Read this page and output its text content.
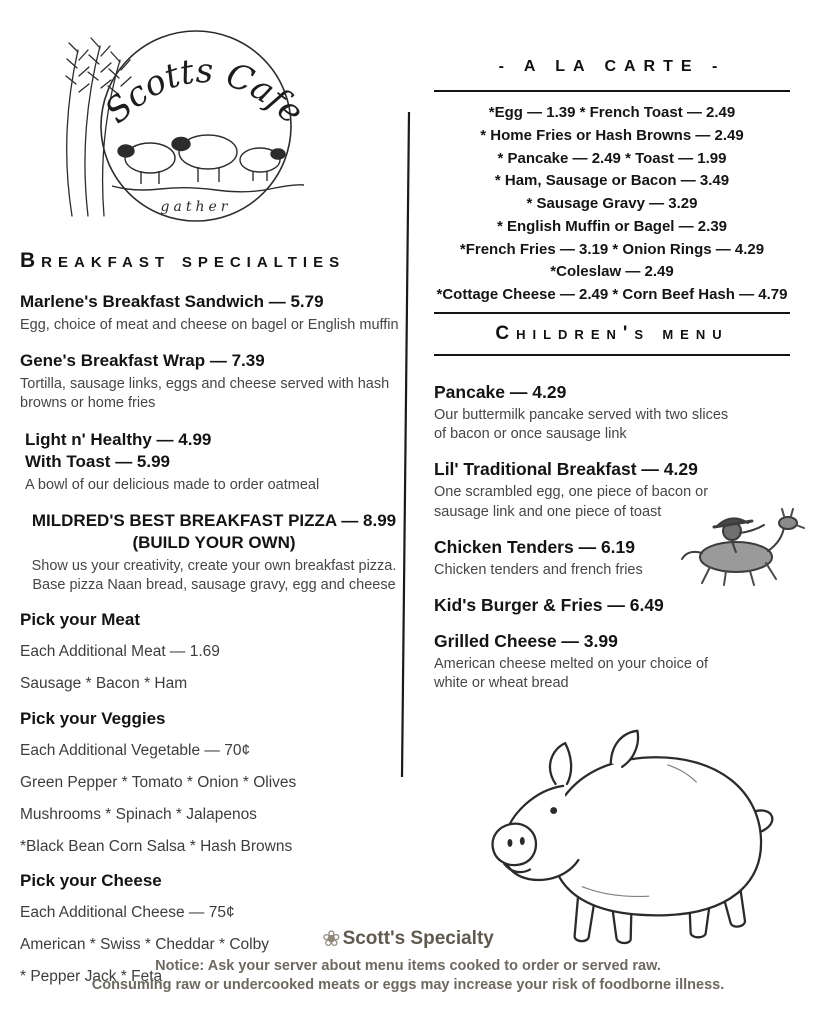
Scotts Cafe
gather
Breakfast specialties
Marlene's Breakfast Sandwich — 5.79

Egg, choice of meat and cheese on bagel or English muffin

Gene's Breakfast Wrap — 7.39

Tortilla, sausage links, eggs and cheese served with hash browns or home fries

Light n' Healthy — 4.99
With Toast — 5.99

A bowl of our delicious made to order oatmeal

MILDRED'S BEST BREAKFAST PIZZA — 8.99
(BUILD YOUR OWN)

Show us your creativity, create your own breakfast pizza. Base pizza Naan bread, sausage gravy, egg and cheese

Pick your Meat
Each Additional Meat — 1.69
Sausage * Bacon * Ham
Pick your Veggies
Each Additional Vegetable — 70¢
Green Pepper * Tomato * Onion * Olives
Mushrooms * Spinach * Jalapenos
*Black Bean Corn Salsa * Hash Browns
Pick your Cheese
Each Additional Cheese — 75¢
American * Swiss * Cheddar * Colby
* Pepper Jack * Feta
- A LA CARTE -
*Egg — 1.39 * French Toast — 2.49
* Home Fries or Hash Browns — 2.49
* Pancake — 2.49 * Toast — 1.99
* Ham, Sausage or Bacon — 3.49
* Sausage Gravy — 3.29
* English Muffin or Bagel — 2.39
*French Fries — 3.19 * Onion Rings — 4.29
*Coleslaw — 2.49
*Cottage Cheese — 2.49 * Corn Beef Hash — 4.79
Children's menu
Pancake — 4.29

Our buttermilk pancake served with two slices of bacon or once sausage link

Lil' Traditional Breakfast — 4.29

One scrambled egg, one piece of bacon or sausage link and one piece of toast

Chicken Tenders — 6.19

Chicken tenders and french fries

Kid's Burger & Fries — 6.49
Grilled Cheese — 3.99

American cheese melted on your choice of white or wheat bread

❀ Scott's Specialty
Notice: Ask your server about menu items cooked to order or served raw.
Consuming raw or undercooked meats or eggs may increase your risk of foodborne illness.
